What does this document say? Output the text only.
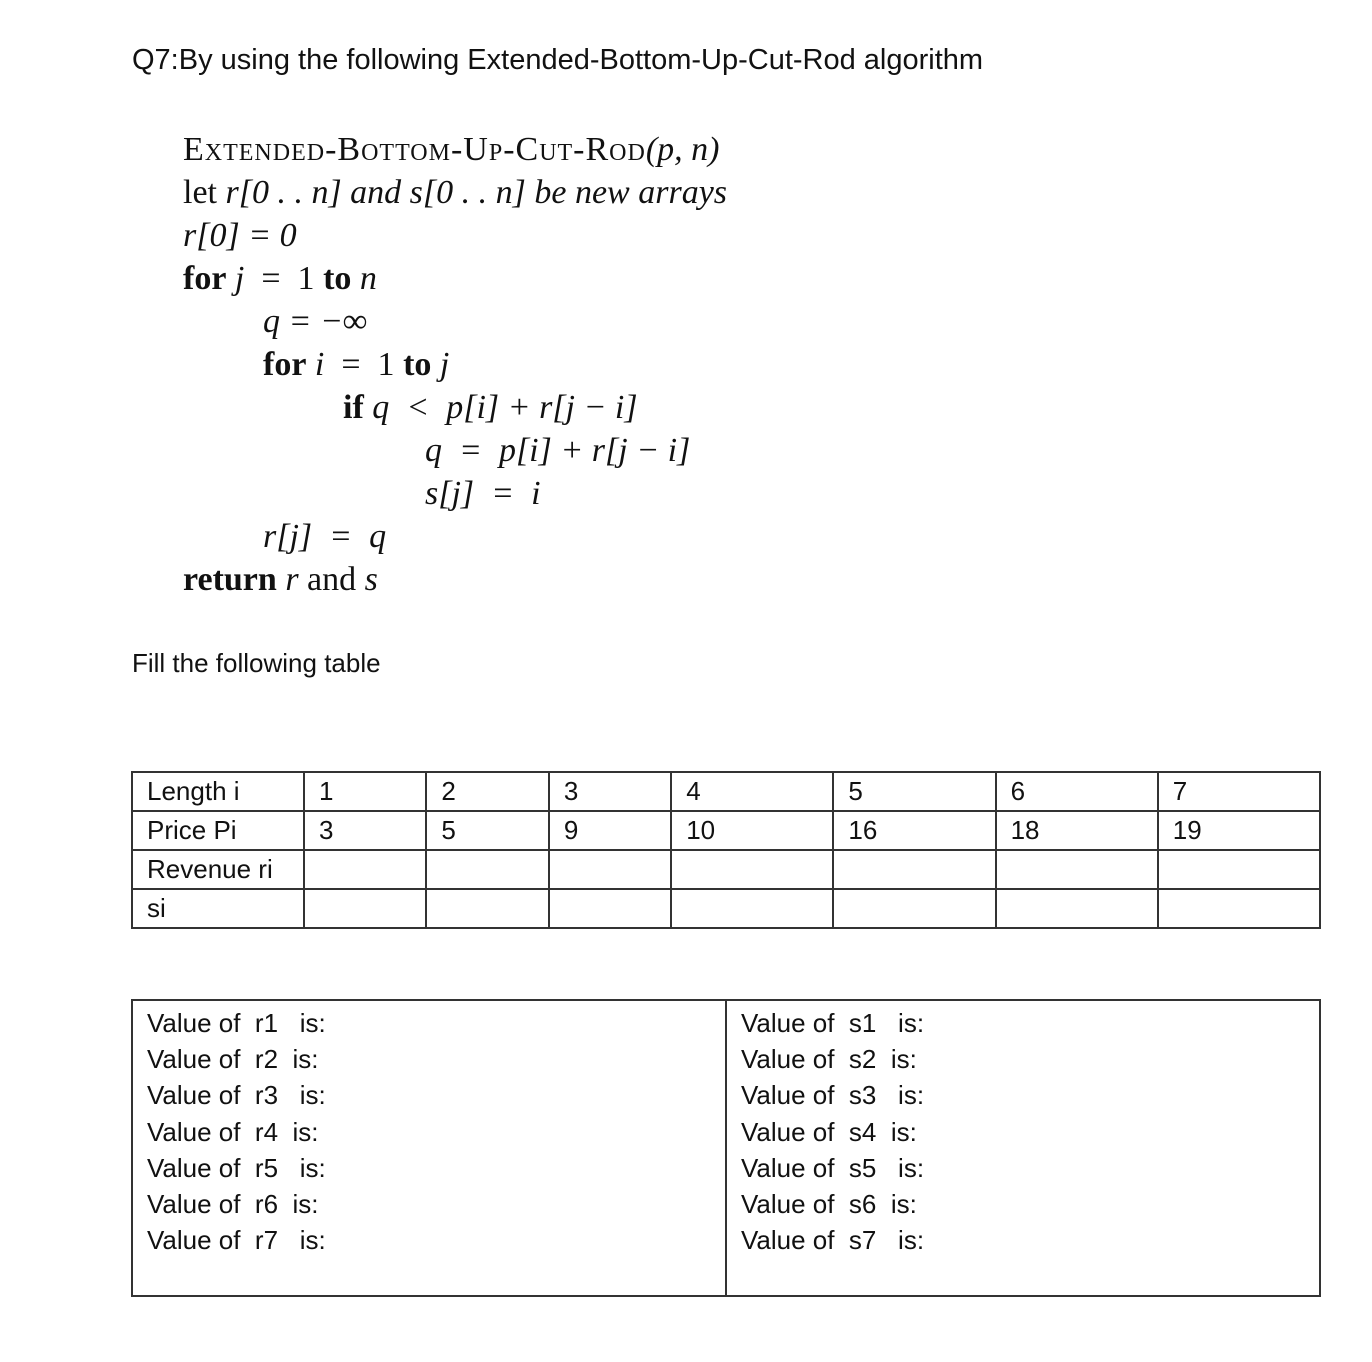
Q7:By using the following Extended-Bottom-Up-Cut-Rod algorithm
Extended-Bottom-Up-Cut-Rod(p, n)
let r[0 . . n] and s[0 . . n] be new arrays
r[0] = 0
for j  =  1 to n
q = −∞
for i  =  1 to j
if q  <  p[i] + r[j − i]
q  =  p[i] + r[j − i]
s[j]  =  i
r[j]  =  q
return r and s
Fill the following table
Length i	1	2	3	4	5	6	7
Price Pi	3	5	9	10	16	18	19
Revenue ri							
si							
Value of  r1   is:
Value of  r2  is:
Value of  r3   is:
Value of  r4  is:
Value of  r5   is:
Value of  r6  is:
Value of  r7   is:

Value of  s1   is:
Value of  s2  is:
Value of  s3   is:
Value of  s4  is:
Value of  s5   is:
Value of  s6  is:
Value of  s7   is:
